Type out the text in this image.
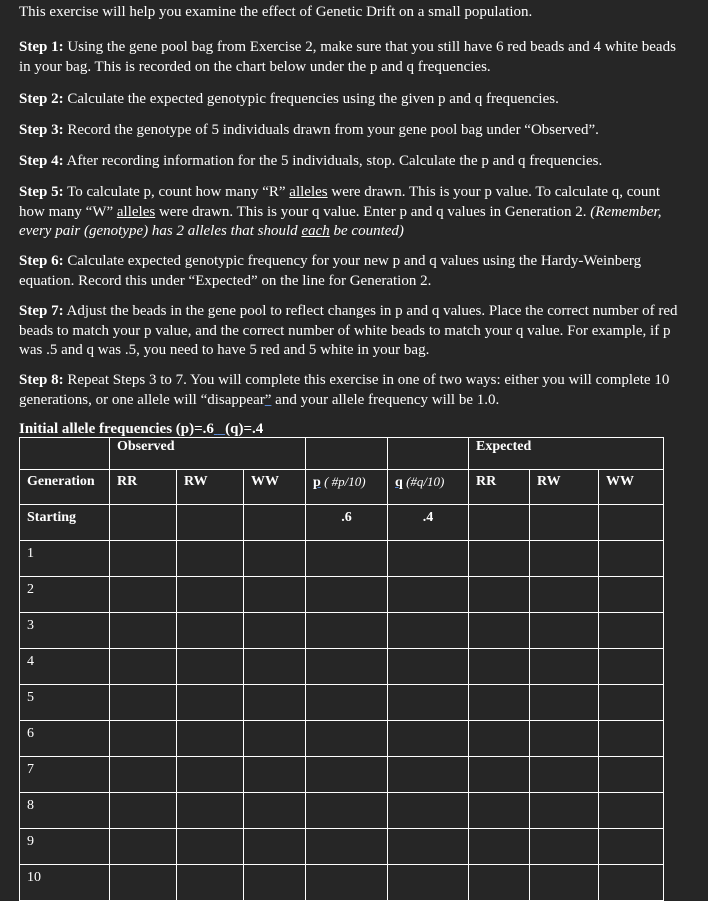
This exercise will help you examine the effect of Genetic Drift on a small population.

Step 1: Using the gene pool bag from Exercise 2, make sure that you still have 6 red beads and 4 white beads in your bag. This is recorded on the chart below under the p and q frequencies.

Step 2: Calculate the expected genotypic frequencies using the given p and q frequencies.

Step 3: Record the genotype of 5 individuals drawn from your gene pool bag under “Observed”.

Step 4: After recording information for the 5 individuals, stop. Calculate the p and q frequencies.

Step 5: To calculate p, count how many “R” alleles were drawn. This is your p value. To calculate q, count how many “W” alleles were drawn. This is your q value. Enter p and q values in Generation 2. (Remember, every pair (genotype) has 2 alleles that should each be counted)

Step 6: Calculate expected genotypic frequency for your new p and q values using the Hardy-Weinberg equation. Record this under “Expected” on the line for Generation 2.

Step 7: Adjust the beads in the gene pool to reflect changes in p and q values. Place the correct number of red beads to match your p value, and the correct number of white beads to match your q value. For example, if p was .5 and q was .5, you need to have 5 red and 5 white in your bag.

Step 8: Repeat Steps 3 to 7. You will complete this exercise in one of two ways: either you will complete 10 generations, or one allele will “disappear” and your allele frequency will be 1.0.

Initial allele frequencies (p)=.6 (q)=.4
	Observed					Expected		
Generation	RR	RW	WW	p ( #p/10)	q (#q/10)	RR	RW	WW
Starting				.6	.4			
1								
2								
3								
4								
5								
6								
7								
8								
9								
10								
